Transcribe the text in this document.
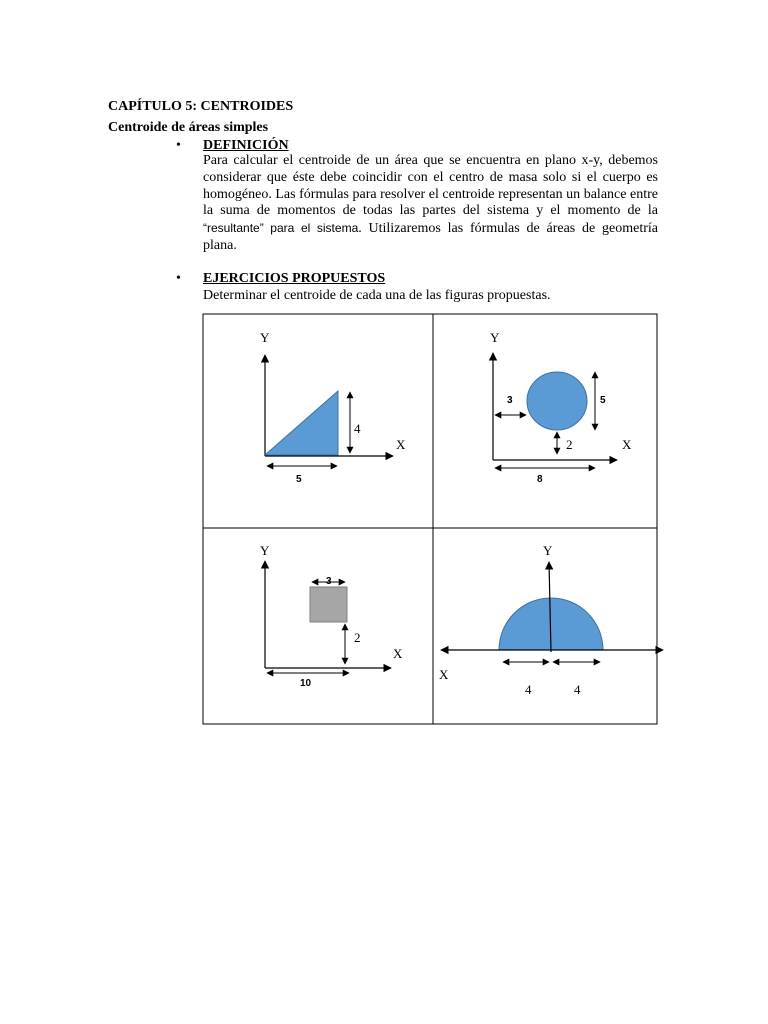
CAPÍTULO 5: CENTROIDES
Centroide de áreas simples
• DEFINICIÓN
Para calcular el centroide de un área que se encuentra en plano x-y, debemos considerar que éste debe coincidir con el centro de masa solo si el cuerpo es homogéneo. Las fórmulas para resolver el centroide representan un balance entre la suma de momentos de todas las partes del sistema y el momento de la “resultante” para el sistema. Utilizaremos las fórmulas de áreas de geometría plana.
• EJERCICIOS PROPUESTOS
Determinar el centroide de cada una de las figuras propuestas.
Y
X
4
5
Y
X
3	5
2
8
Y
X
3
2
10
Y
X
4	4
